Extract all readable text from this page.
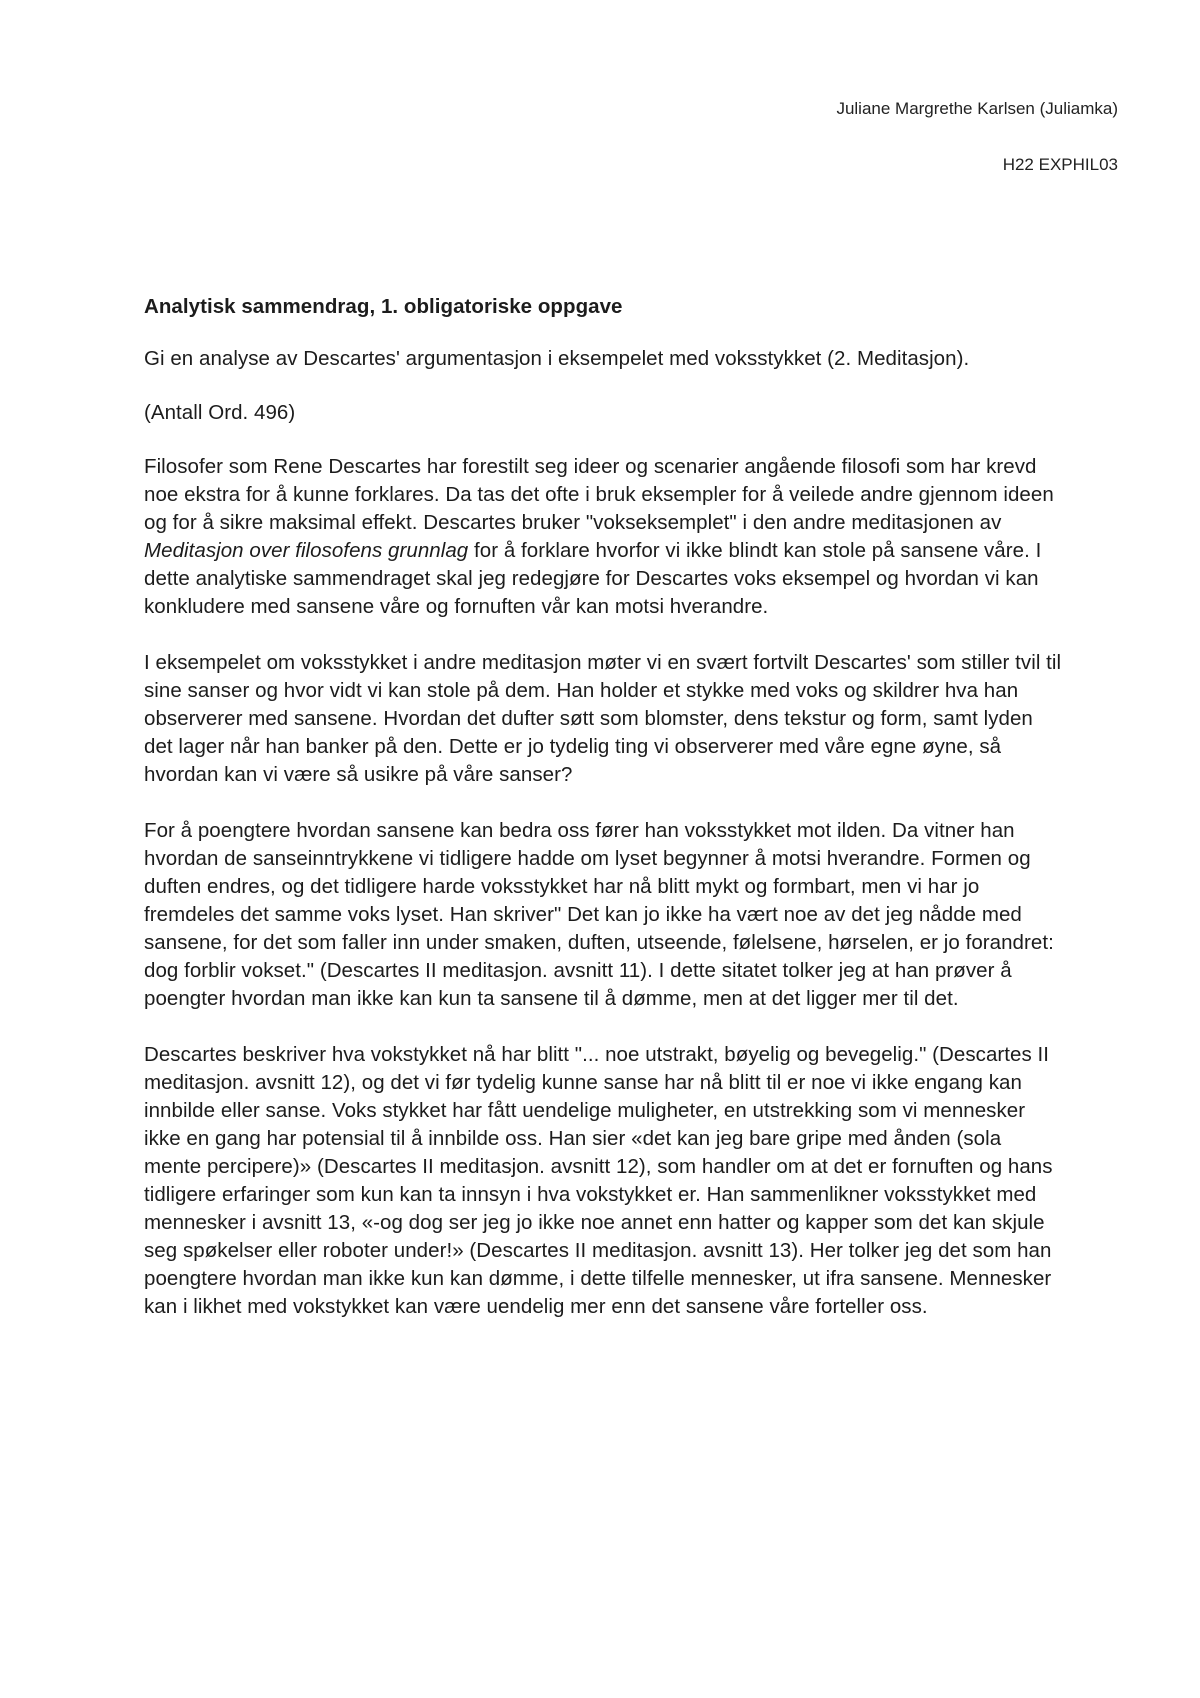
Juliane Margrethe Karlsen (Juliamka)
H22 EXPHIL03

Analytisk sammendrag, 1. obligatoriske oppgave

Gi en analyse av Descartes' argumentasjon i eksempelet med voksstykket (2. Meditasjon).

(Antall Ord. 496)

Filosofer som Rene Descartes har forestilt seg ideer og scenarier angående filosofi som har krevd noe ekstra for å kunne forklares. Da tas det ofte i bruk eksempler for å veilede andre gjennom ideen og for å sikre maksimal effekt. Descartes bruker "vokseksemplet" i den andre meditasjonen av Meditasjon over filosofens grunnlag for å forklare hvorfor vi ikke blindt kan stole på sansene våre. I dette analytiske sammendraget skal jeg redegjøre for Descartes voks eksempel og hvordan vi kan konkludere med sansene våre og fornuften vår kan motsi hverandre.

I eksempelet om voksstykket i andre meditasjon møter vi en svært fortvilt Descartes' som stiller tvil til sine sanser og hvor vidt vi kan stole på dem. Han holder et stykke med voks og skildrer hva han observerer med sansene. Hvordan det dufter søtt som blomster, dens tekstur og form, samt lyden det lager når han banker på den. Dette er jo tydelig ting vi observerer med våre egne øyne, så hvordan kan vi være så usikre på våre sanser?

For å poengtere hvordan sansene kan bedra oss fører han voksstykket mot ilden. Da vitner han hvordan de sanseinntrykkene vi tidligere hadde om lyset begynner å motsi hverandre. Formen og duften endres, og det tidligere harde voksstykket har nå blitt mykt og formbart, men vi har jo fremdeles det samme voks lyset. Han skriver" Det kan jo ikke ha vært noe av det jeg nådde med sansene, for det som faller inn under smaken, duften, utseende, følelsene, hørselen, er jo forandret: dog forblir vokset." (Descartes II meditasjon. avsnitt 11). I dette sitatet tolker jeg at han prøver å poengter hvordan man ikke kan kun ta sansene til å dømme, men at det ligger mer til det.

Descartes beskriver hva vokstykket nå har blitt "... noe utstrakt, bøyelig og bevegelig." (Descartes II meditasjon. avsnitt 12), og det vi før tydelig kunne sanse har nå blitt til er noe vi ikke engang kan innbilde eller sanse. Voks stykket har fått uendelige muligheter, en utstrekking som vi mennesker ikke en gang har potensial til å innbilde oss. Han sier «det kan jeg bare gripe med ånden (sola mente percipere)» (Descartes II meditasjon. avsnitt 12), som handler om at det er fornuften og hans tidligere erfaringer som kun kan ta innsyn i hva vokstykket er. Han sammenlikner voksstykket med mennesker i avsnitt 13, «-og dog ser jeg jo ikke noe annet enn hatter og kapper som det kan skjule seg spøkelser eller roboter under!» (Descartes II meditasjon. avsnitt 13). Her tolker jeg det som han poengtere hvordan man ikke kun kan dømme, i dette tilfelle mennesker, ut ifra sansene. Mennesker kan i likhet med vokstykket kan være uendelig mer enn det sansene våre forteller oss.
